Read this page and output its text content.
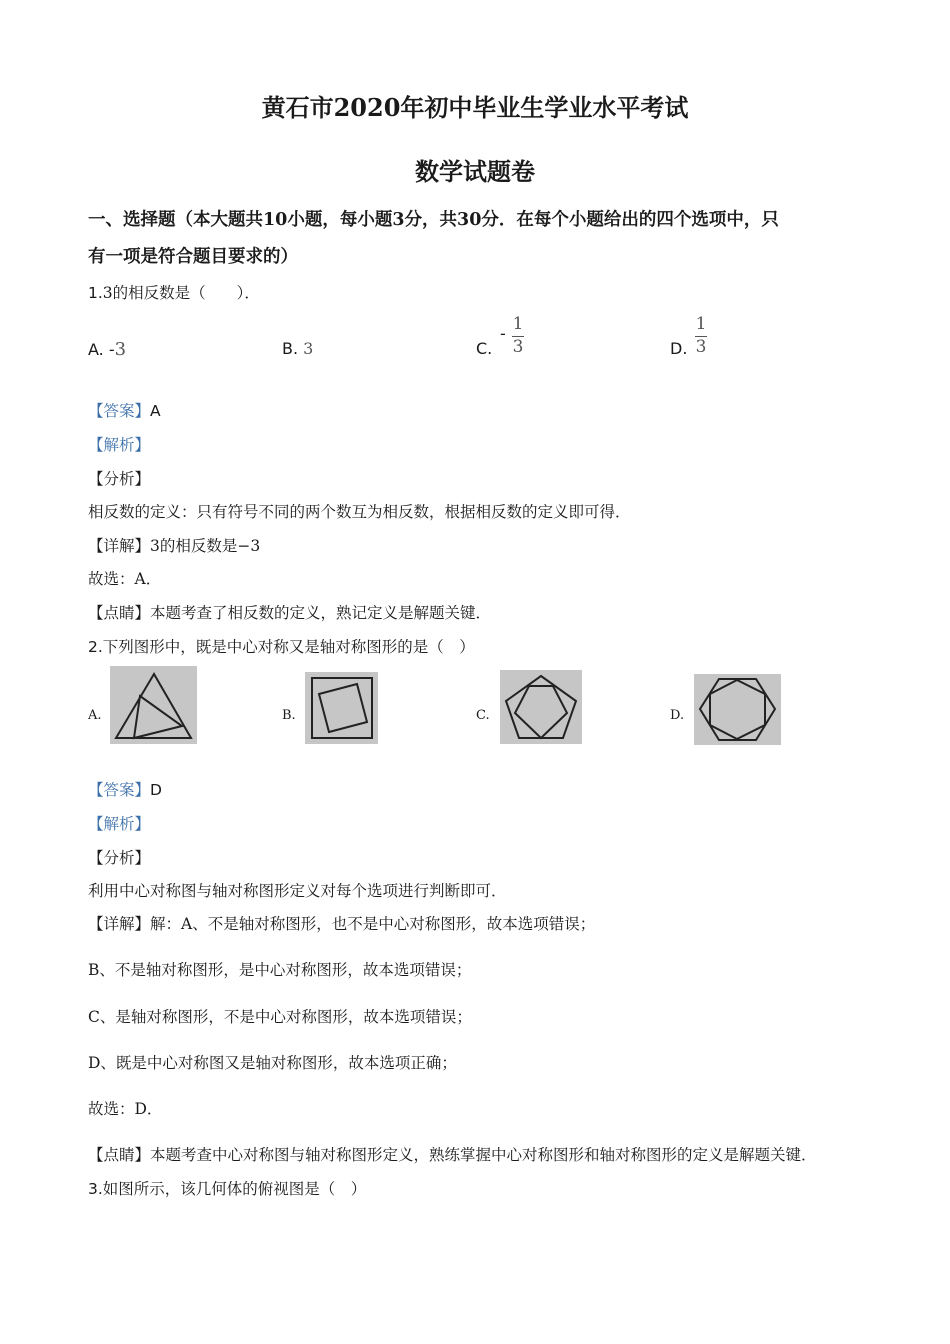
黄石市2020年初中毕业生学业水平考试
数学试题卷
一、选择题（本大题共10小题，每小题3分，共30分．在每个小题给出的四个选项中，只
有一项是符合题目要求的）
1.3的相反数是（　　）．
A. -3	B. 3	C.
- 1
3	D.
1
3
【答案】A
【解析】
【分析】
相反数的定义：只有符号不同的两个数互为相反数，根据相反数的定义即可得．
【详解】3的相反数是−3
故选：A．
【点睛】本题考查了相反数的定义，熟记定义是解题关键．
2.下列图形中，既是中心对称又是轴对称图形的是（　）
A.	B.	C.	D.
【答案】D
【解析】
【分析】
利用中心对称图与轴对称图形定义对每个选项进行判断即可．
【详解】解：A、不是轴对称图形，也不是中心对称图形，故本选项错误；
B、不是轴对称图形，是中心对称图形，故本选项错误；
C、是轴对称图形，不是中心对称图形，故本选项错误；
D、既是中心对称图又是轴对称图形，故本选项正确；
故选：D．
【点睛】本题考查中心对称图与轴对称图形定义，熟练掌握中心对称图形和轴对称图形的定义是解题关键．
3.如图所示，该几何体的俯视图是（　）
